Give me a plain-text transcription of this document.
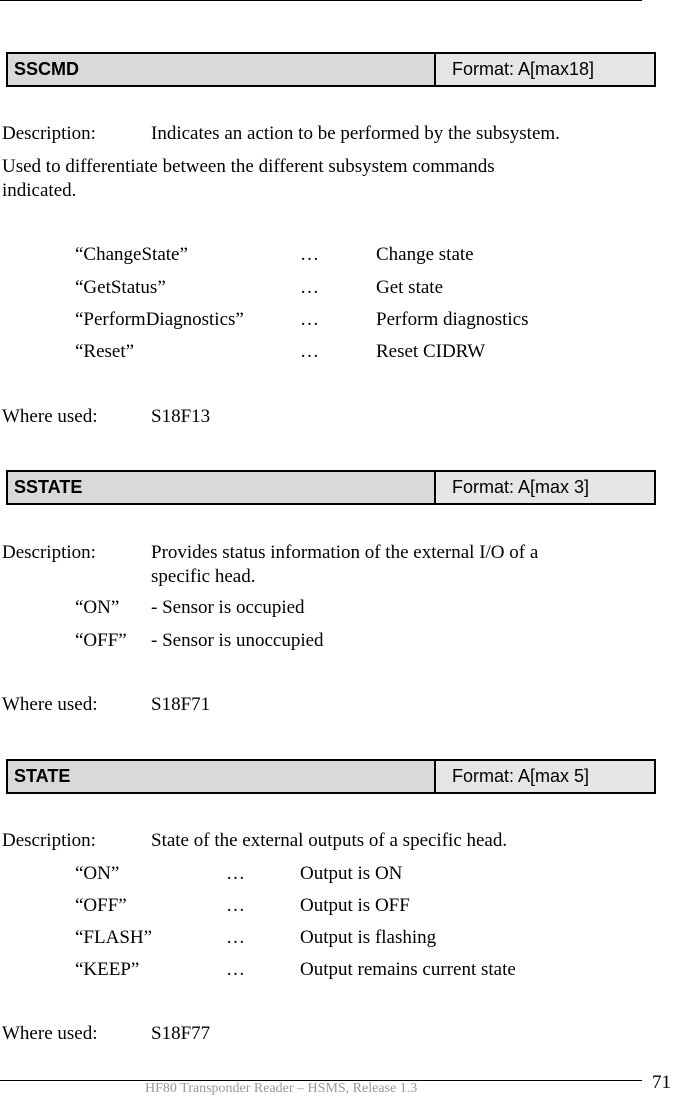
SSCMD	Format: A[max18]
Description:	Indicates an action to be performed by the subsystem.
Used to differentiate between the different subsystem commands
indicated.
“ChangeState”	…	Change state
“GetStatus”	…	Get state
“PerformDiagnostics”	…	Perform diagnostics
“Reset”	…	Reset CIDRW
Where used:	S18F13
SSTATE	Format: A[max 3]
Description:	Provides status information of the external I/O of a
specific head.
“ON” - Sensor is occupied
“OFF” - Sensor is unoccupied
Where used:	S18F71
STATE	Format: A[max 5]
Description:	State of the external outputs of a specific head.
“ON”	…	Output is ON
“OFF”	…	Output is OFF
“FLASH”	…	Output is flashing
“KEEP”	…	Output remains current state
Where used:	S18F77
HF80 Transponder Reader – HSMS, Release 1.3	71
